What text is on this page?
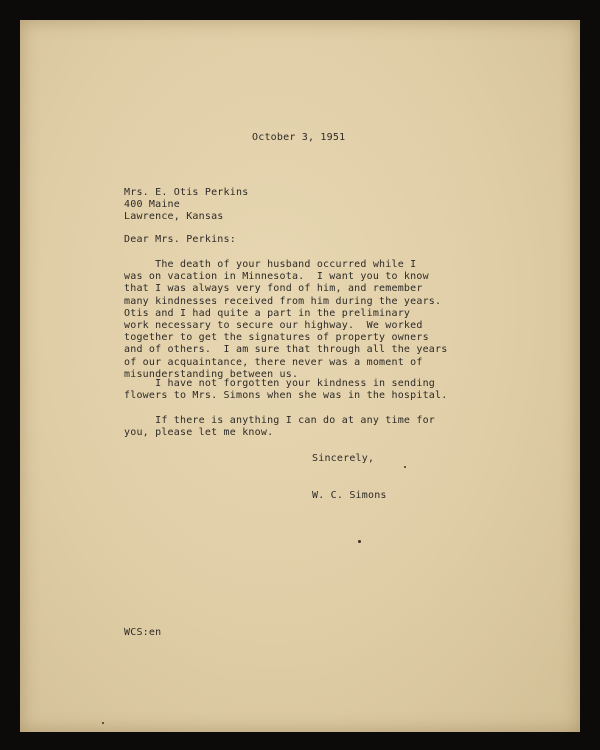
October 3, 1951

Mrs. E. Otis Perkins
400 Maine
Lawrence, Kansas

Dear Mrs. Perkins:

The death of your husband occurred while I
was on vacation in Minnesota.  I want you to know
that I was always very fond of him, and remember
many kindnesses received from him during the years.
Otis and I had quite a part in the preliminary
work necessary to secure our highway.  We worked
together to get the signatures of property owners
and of others.  I am sure that through all the years
of our acquaintance, there never was a moment of
misunderstanding between us.
I have not forgotten your kindness in sending
flowers to Mrs. Simons when she was in the hospital.
If there is anything I can do at any time for
you, please let me know.

Sincerely,

W. C. Simons

WCS:en
